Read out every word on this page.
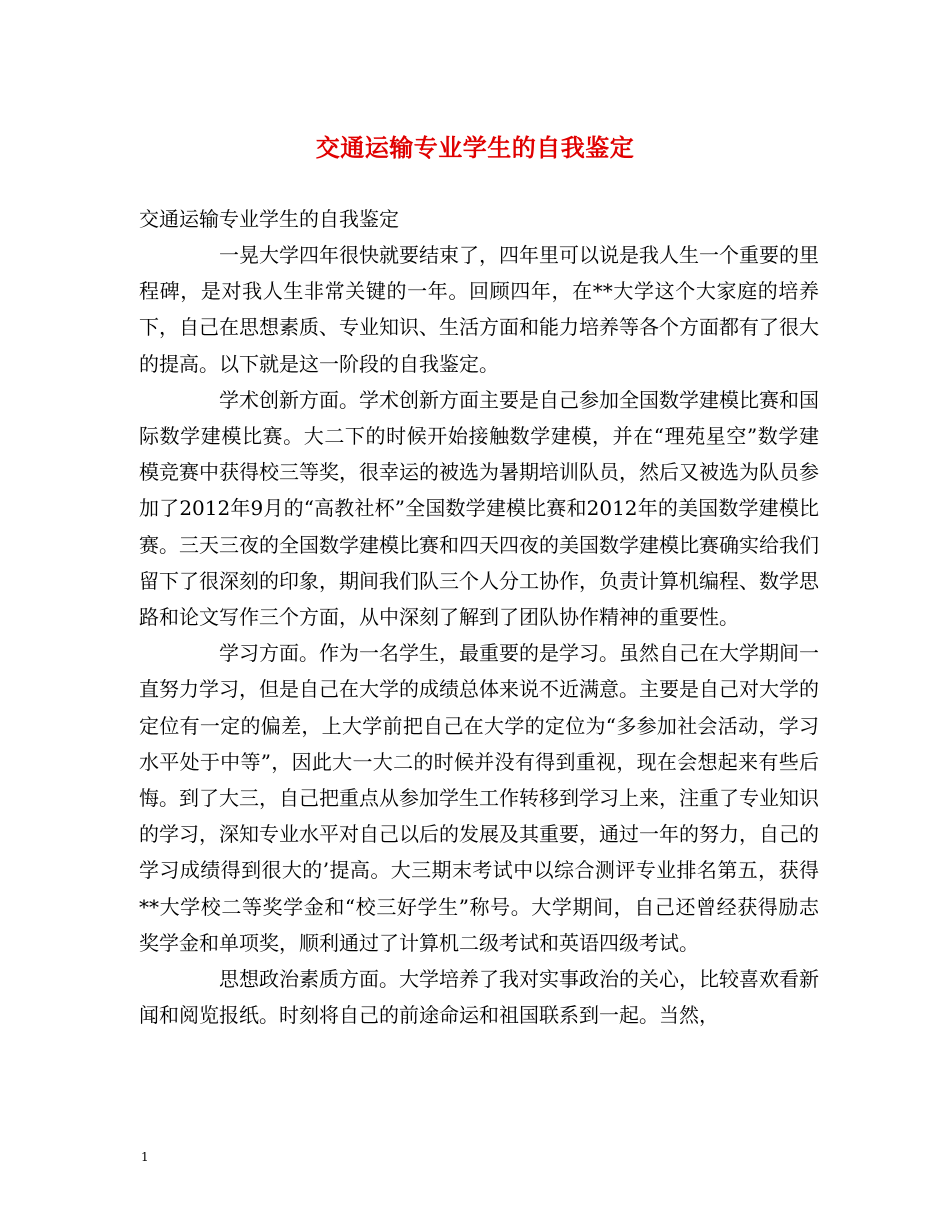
交通运输专业学生的自我鉴定
交通运输专业学生的自我鉴定

一晃大学四年很快就要结束了，四年里可以说是我人生一个重要的里程碑，是对我人生非常关键的一年。回顾四年，在**大学这个大家庭的培养下，自己在思想素质、专业知识、生活方面和能力培养等各个方面都有了很大的提高。以下就是这一阶段的自我鉴定。

学术创新方面。学术创新方面主要是自己参加全国数学建模比赛和国际数学建模比赛。大二下的时候开始接触数学建模，并在“理苑星空”数学建模竞赛中获得校三等奖，很幸运的被选为暑期培训队员，然后又被选为队员参加了2012年9月的“高教社杯”全国数学建模比赛和2012年的美国数学建模比赛。三天三夜的全国数学建模比赛和四天四夜的美国数学建模比赛确实给我们留下了很深刻的印象，期间我们队三个人分工协作，负责计算机编程、数学思路和论文写作三个方面，从中深刻了解到了团队协作精神的重要性。

学习方面。作为一名学生，最重要的是学习。虽然自己在大学期间一直努力学习，但是自己在大学的成绩总体来说不近满意。主要是自己对大学的定位有一定的偏差，上大学前把自己在大学的定位为“多参加社会活动，学习水平处于中等”，因此大一大二的时候并没有得到重视，现在会想起来有些后悔。到了大三，自己把重点从参加学生工作转移到学习上来，注重了专业知识的学习，深知专业水平对自己以后的发展及其重要，通过一年的努力，自己的学习成绩得到很大的’提高。大三期末考试中以综合测评专业排名第五，获得**大学校二等奖学金和“校三好学生”称号。大学期间，自己还曾经获得励志奖学金和单项奖，顺利通过了计算机二级考试和英语四级考试。

思想政治素质方面。大学培养了我对实事政治的关心，比较喜欢看新闻和阅览报纸。时刻将自己的前途命运和祖国联系到一起。当然，

1
